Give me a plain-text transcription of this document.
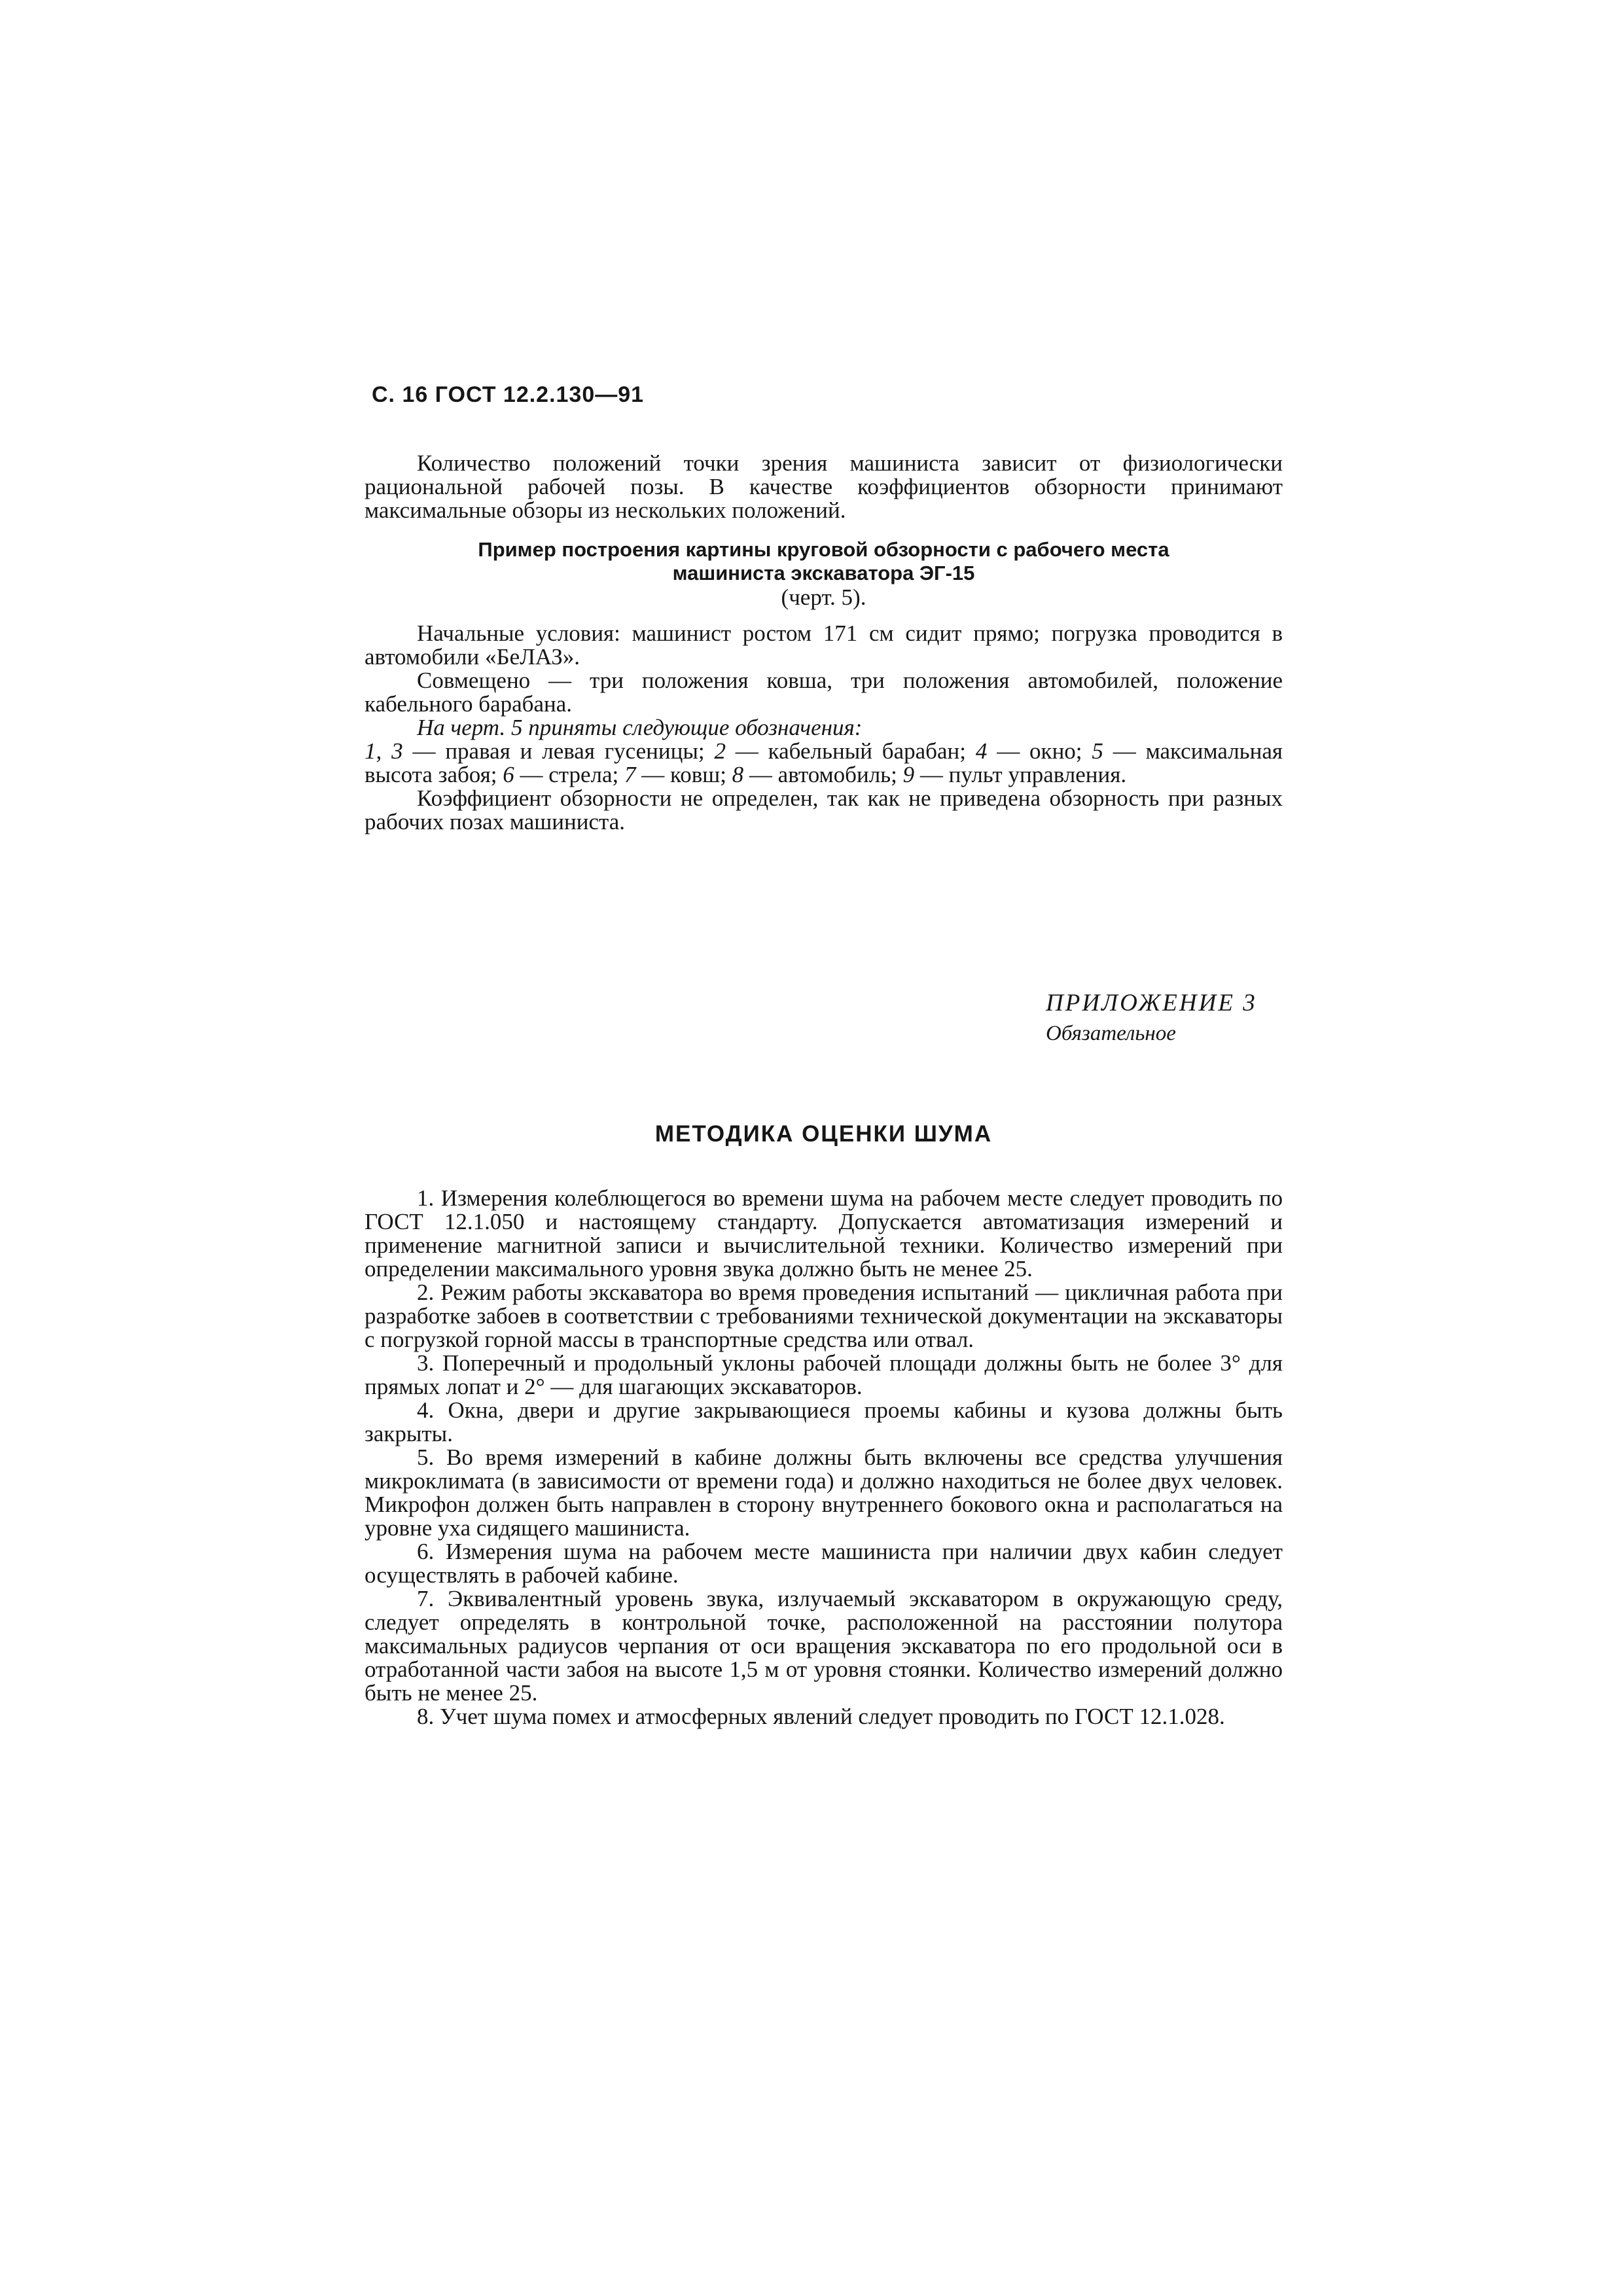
С. 16 ГОСТ 12.2.130—91

Количество положений точки зрения машиниста зависит от физиологически рациональной рабочей позы. В качестве коэффициентов обзорности принимают максимальные обзоры из нескольких положений.

Пример построения картины круговой обзорности с рабочего места
машиниста экскаватора ЭГ-15
(черт. 5).

Начальные условия: машинист ростом 171 см сидит прямо; погрузка проводится в автомобили «БеЛАЗ».

Совмещено — три положения ковша, три положения автомобилей, положение кабельного барабана.

На черт. 5 приняты следующие обозначения:

1, 3 — правая и левая гусеницы; 2 — кабельный барабан; 4 — окно; 5 — максимальная высота забоя; 6 — стрела; 7 — ковш; 8 — автомобиль; 9 — пульт управления.

Коэффициент обзорности не определен, так как не приведена обзорность при разных рабочих позах машиниста.

ПРИЛОЖЕНИЕ 3
Обязательное
МЕТОДИКА ОЦЕНКИ ШУМА

1. Измерения колеблющегося во времени шума на рабочем месте следует проводить по ГОСТ 12.1.050 и настоящему стандарту. Допускается автоматизация измерений и применение магнитной записи и вычислительной техники. Количество измерений при определении максимального уровня звука должно быть не менее 25.

2. Режим работы экскаватора во время проведения испытаний — цикличная работа при разработке забоев в соответствии с требованиями технической документации на экскаваторы с погрузкой горной массы в транспортные средства или отвал.

3. Поперечный и продольный уклоны рабочей площади должны быть не более 3° для прямых лопат и 2° — для шагающих экскаваторов.

4. Окна, двери и другие закрывающиеся проемы кабины и кузова должны быть закрыты.

5. Во время измерений в кабине должны быть включены все средства улучшения микроклимата (в зависимости от времени года) и должно находиться не более двух человек. Микрофон должен быть направлен в сторону внутреннего бокового окна и располагаться на уровне уха сидящего машиниста.

6. Измерения шума на рабочем месте машиниста при наличии двух кабин следует осуществлять в рабочей кабине.

7. Эквивалентный уровень звука, излучаемый экскаватором в окружающую среду, следует определять в контрольной точке, расположенной на расстоянии полутора максимальных радиусов черпания от оси вращения экскаватора по его продольной оси в отработанной части забоя на высоте 1,5 м от уровня стоянки. Количество измерений должно быть не менее 25.

8. Учет шума помех и атмосферных явлений следует проводить по ГОСТ 12.1.028.
